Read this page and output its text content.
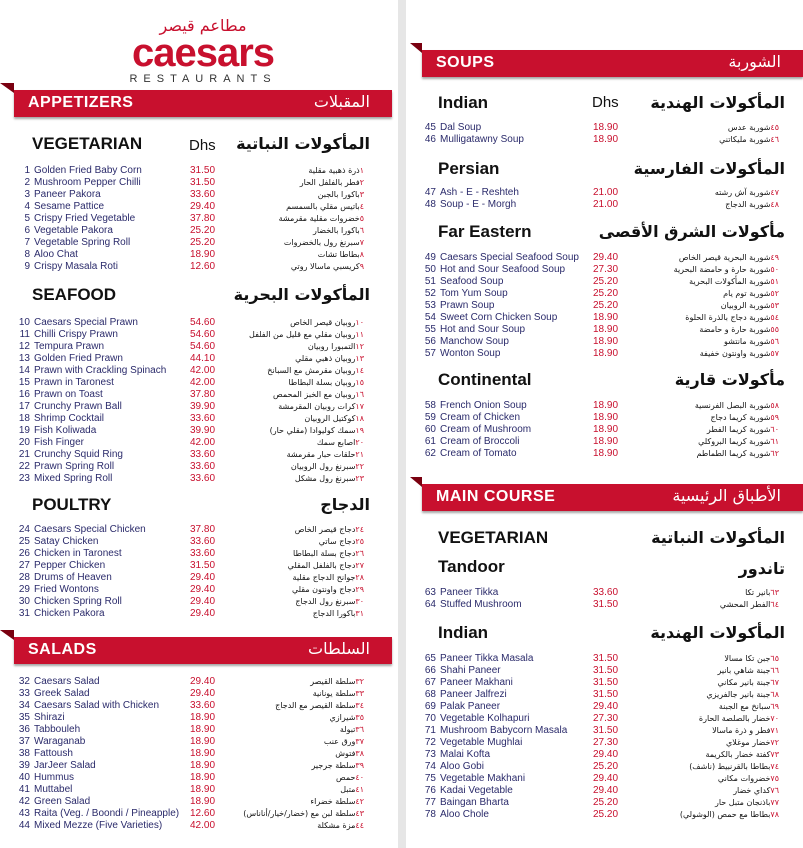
مطاعم قيصر
caesars
RESTAURANTS
APPETIZERS	المقبلات
VEGETARIAN	Dhs المأكولات النباتية
1 Golden Fried Baby Corn	31.50	١ذرة ذهبية مقلية
2 Mushroom Pepper Chilli	31.50	٢فطر بالفلفل الحار
3 Paneer Pakora	33.60	٣باكورا بالجبن
4 Sesame Pattice	29.40	٤باتيس مقلي بالسمسم
5 Crispy Fried Vegetable	37.80	٥خضروات مقلية مقرمشة
6 Vegetable Pakora	25.20	٦باكورا بالخضار
7 Vegetable Spring Roll	25.20	٧سبرنغ رول بالخضروات
8 Aloo Chat	18.90	٨بطاطا تشات
9 Crispy Masala Roti	12.60	٩كريسبي ماسالا روتي
SEAFOOD	المأكولات البحرية
10 Caesars Special Prawn	54.60	١٠روبيان قيصر الخاص
11 Chilli Crispy Prawn	54.60	١١روبيان مقلي مع قليل من الفلفل
12 Tempura Prawn	54.60	١٢التمبورا روبيان
13 Golden Fried Prawn	44.10	١٣روبيان ذهبي مقلي
14 Prawn with Crackling Spinach 42.00	١٤روبيان مقرمش مع السبانخ
15 Prawn in Taronest	42.00	١٥روبيان بسلة البطاطا
16 Prawn on Toast	37.80	١٦روبيان مع الخبز المحمص
17 Crunchy Prawn Ball	39.90	١٧كرات روبيان المقرمشة
18 Shrimp Cocktail	33.60	١٨كوكتيل الروبيان
19 Fish Koliwada	39.90	١٩سمك كوليوادا (مقلي حار)
20 Fish Finger	42.00	٢٠اصابع سمك
21 Crunchy Squid Ring	33.60	٢١حلقات حبار مقرمشة
22 Prawn Spring Roll	33.60	٢٢سبرنغ رول الروبيان
23 Mixed Spring Roll	33.60	٢٣سبرنغ رول مشكل
POULTRY	الدجاج
24 Caesars Special Chicken	37.80	٢٤دجاج قيصر الخاص
25 Satay Chicken	33.60	٢٥دجاج ساتي
26 Chicken in Taronest	33.60	٢٦دجاج بسلة البطاطا
27 Pepper Chicken	31.50	٢٧دجاج بالفلفل المقلي
28 Drums of Heaven	29.40	٢٨جوانح الدجاج مقلية
29 Fried Wontons	29.40	٢٩دجاج واونتون مقلي
30 Chicken Spring Roll	29.40	٣٠سبرنغ رول الدجاج
31 Chicken Pakora	29.40	٣١باكورا الدجاج
SALADS	السلطات
32 Caesars Salad	29.40	٣٢سلطة القيصر
33 Greek Salad	29.40	٣٣سلطة يونانية
34 Caesars Salad with Chicken	33.60	٣٤سلطة القيصر مع الدجاج
35 Shirazi	18.90	٣٥شيرازي
36 Tabbouleh	18.90	٣٦تبولة
37 Waraganab	18.90	٣٧ورق عنب
38 Fattoush	18.90	٣٨فتوش
39 JarJeer Salad	18.90	٣٩سلطة جرجير
40 Hummus	18.90	٤٠حمص
41 Muttabel	18.90	٤١متبل
42 Green Salad	18.90	٤٢سلطة خضراء
43 Raita (Veg. / Boondi / Pineapple) 12.60	٤٣سلطة لبن مع (خضار/خيار/أناناس)
44 Mixed Mezze (Five Varieties)	42.00	٤٤مزة مشكلة
SOUPS	الشوربة
Indian	Dhs المأكولات الهندية
45 Dal Soup	18.90	٤٥شوربة عدس
46 Mulligatawny Soup	18.90	٤٦شوربة مليكاتني
Persian	المأكولات الفارسية
47 Ash - E - Reshteh	21.00	٤٧شوربة آش رشته
48 Soup - E - Morgh	21.00	٤٨شوربة الدجاج
Far Eastern	مأكولات الشرق الأقصى
49 Caesars Special Seafood Soup 29.40	٤٩شوربة البحرية قيصر الخاص
50 Hot and Sour Seafood Soup	27.30	٥٠شوربة حارة و حامضة البحرية
51 Seafood Soup	25.20	٥١شوربة المأكولات البحرية
52 Tom Yum Soup	25.20	٥٢شوربة توم يام
53 Prawn Soup	25.20	٥٣شوربة الروبيان
54 Sweet Corn Chicken Soup	18.90	٥٤شوربة دجاج بالذرة الحلوة
55 Hot and Sour Soup	18.90	٥٥شوربة حارة و حامضة
56 Manchow Soup	18.90	٥٦شوربة مانتشو
57 Wonton Soup	18.90	٥٧شوربة واونتون خفيفة
Continental	مأكولات قارية
58 French Onion Soup	18.90	٥٨شوربة البصل الفرنسية
59 Cream of Chicken	18.90	٥٩شوربة كريما دجاج
60 Cream of Mushroom	18.90	٦٠شوربة كريما الفطر
61 Cream of Broccoli	18.90	٦١شوربة كريما البروكلي
62 Cream of Tomato	18.90	٦٢شوربة كريما الطماطم
MAIN COURSE	الأطباق الرئيسية
VEGETARIAN	المأكولات النباتية
Tandoor	تاندور
63 Paneer Tikka	33.60	٦٣بانير تكا
64 Stuffed Mushroom	31.50	٦٤الفطر المحشي
Indian	المأكولات الهندية
65 Paneer Tikka Masala	31.50	٦٥جبن تكا مسالا
66 Shahi Paneer	31.50	٦٦جبنة شاهي بانير
67 Paneer Makhani	31.50	٦٧جبنة بانير مكاني
68 Paneer Jalfrezi	31.50	٦٨جبنة بانير جالفريزي
69 Palak Paneer	29.40	٦٩سبانخ مع الجبنة
70 Vegetable Kolhapuri	27.30	٧٠خضار بالصلصة الحارة
71 Mushroom Babycorn Masala	31.50	٧١فطر و ذرة ماسالا
72 Vegetable Mughlai	27.30	٧٢خضار موغلاي
73 Malai Kofta	29.40	٧٣كفتة خضار بالكريمة
74 Aloo Gobi	25.20	٧٤بطاطا بالقرنبيط (ناشف)
75 Vegetable Makhani	29.40	٧٥خضروات مكاني
76 Kadai Vegetable	29.40	٧٦كداي خضار
77 Baingan Bharta	25.20	٧٧باذنجان متبل حار
78 Aloo Chole	25.20	٧٨بطاطا مع حمص (الوشولي)
